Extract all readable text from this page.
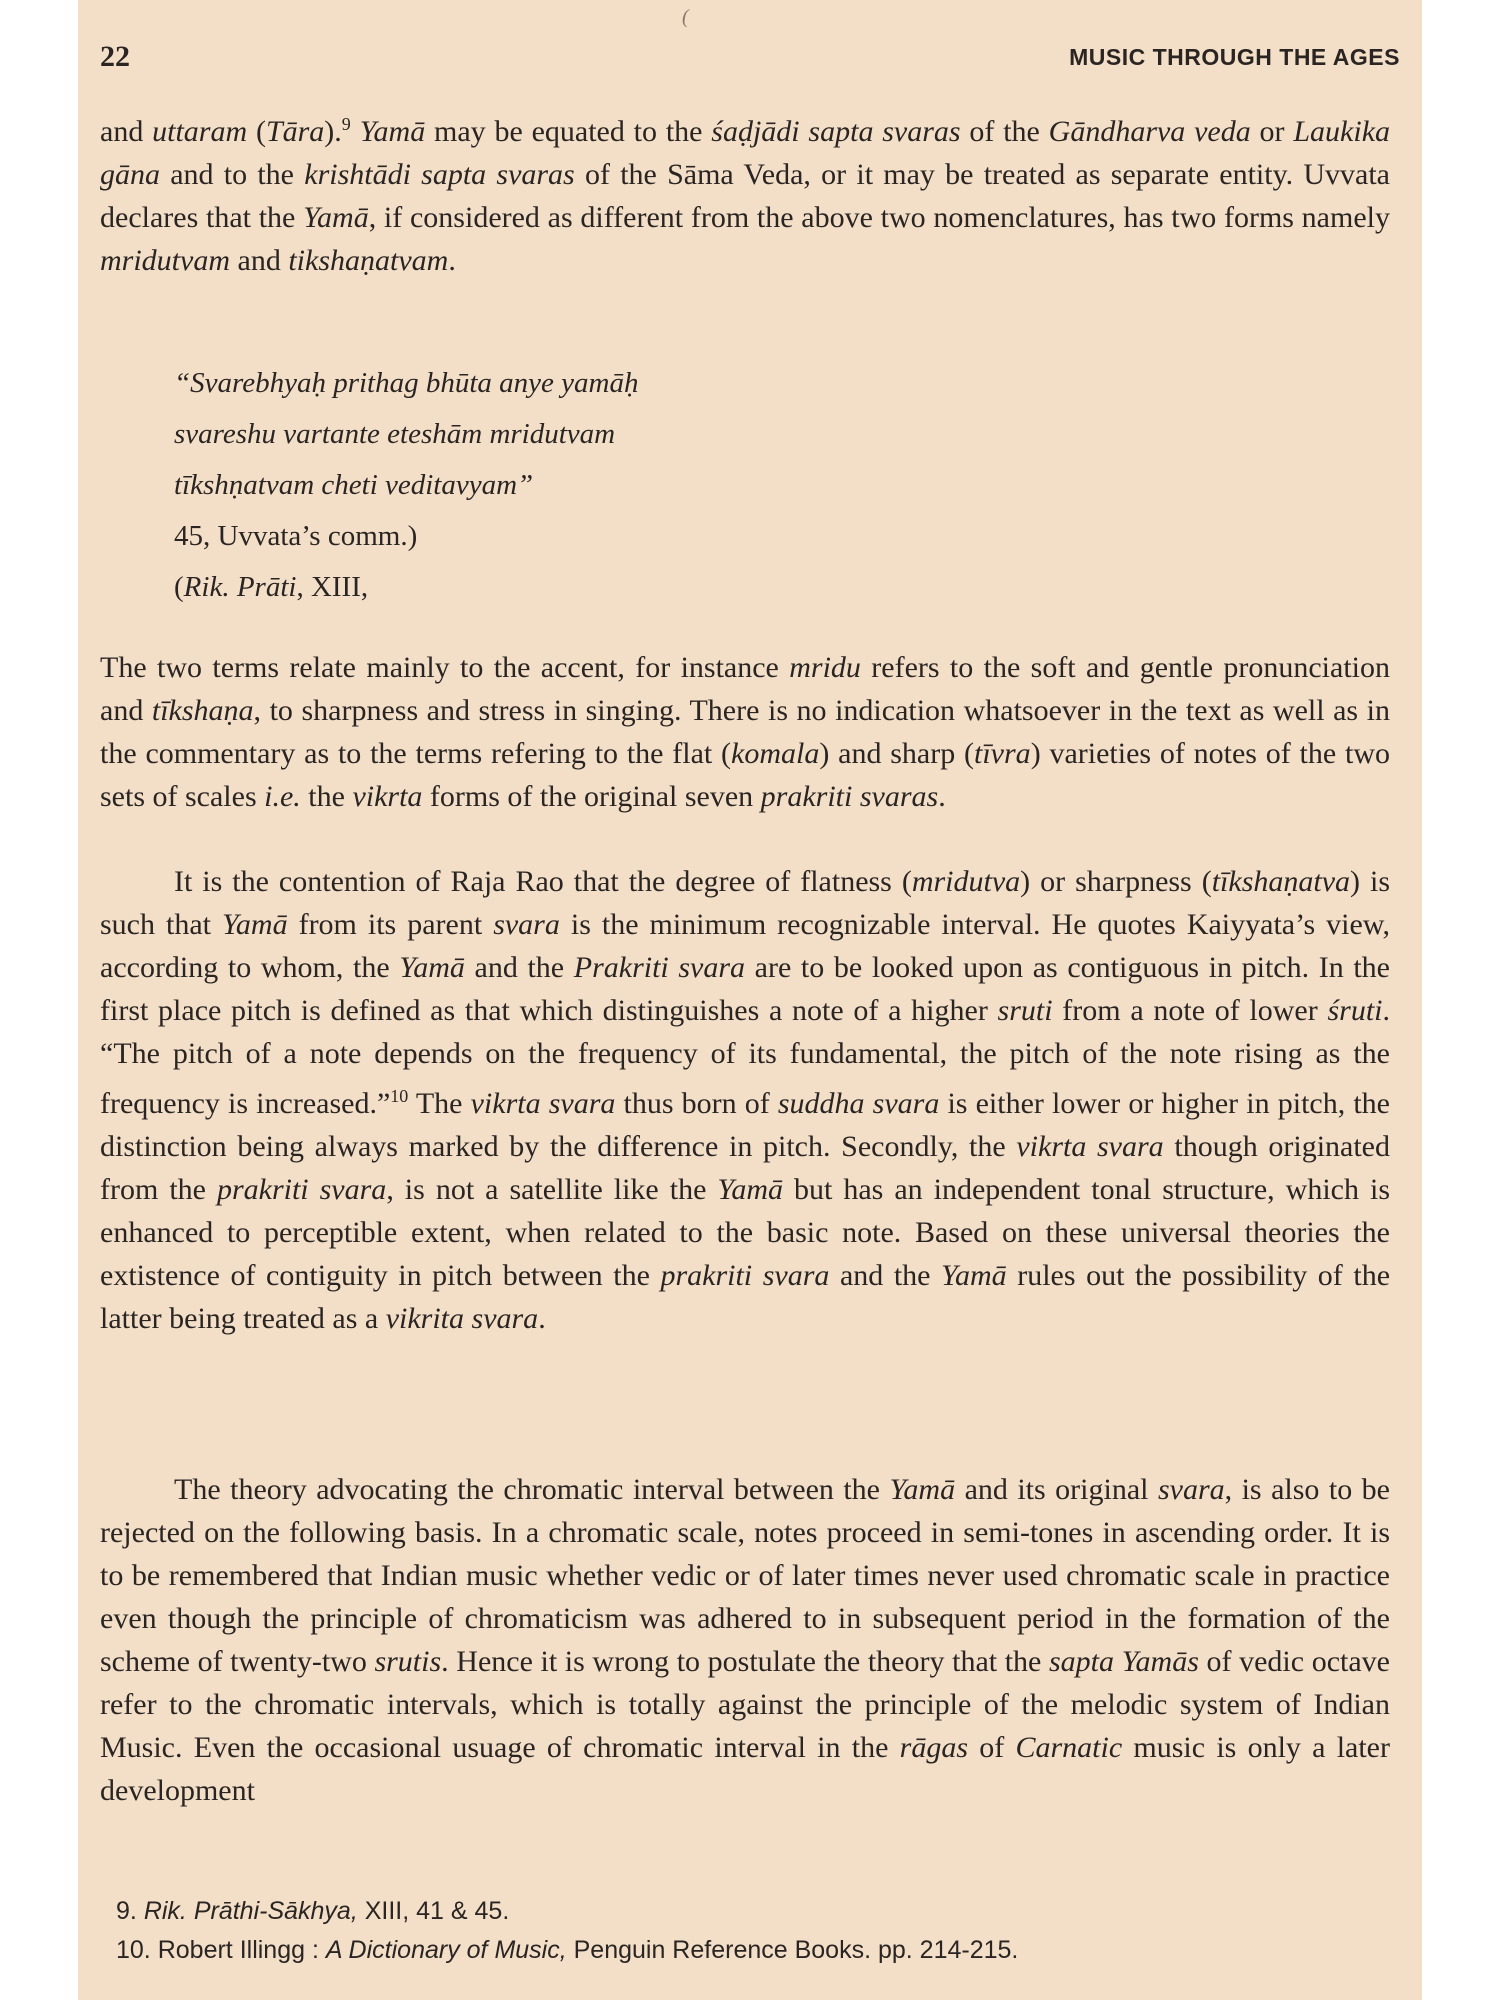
(
22	MUSIC THROUGH THE AGES

and uttaram (Tāra).$^9$ Yamā may be equated to the śaḍjādi sapta svaras of the Gāndharva veda or Laukika gāna and to the krishtādi sapta svaras of the Sāma Veda, or it may be treated as separate entity. Uvvata declares that the Yamā, if considered as different from the above two nomenclatures, has two forms namely mridutvam and tikshaṇatvam.

“Svarebhyaḥ prithag bhūta anye yamāḥ
svareshu vartante eteshām mridutvam
tīkshṇatvam cheti veditavyam”
45, Uvvata’s comm.)
(Rik. Prāti, XIII,

The two terms relate mainly to the accent, for instance mridu refers to the soft and gentle pronunciation and tīkshaṇa, to sharpness and stress in singing. There is no indication whatsoever in the text as well as in the commentary as to the terms refering to the flat (komala) and sharp (tīvra) varieties of notes of the two sets of scales i.e. the vikrta forms of the original seven prakriti svaras.

It is the contention of Raja Rao that the degree of flatness (mridutva) or sharpness (tīkshaṇatva) is such that Yamā from its parent svara is the minimum recognizable interval. He quotes Kaiyyata’s view, according to whom, the Yamā and the Prakriti svara are to be looked upon as contiguous in pitch. In the first place pitch is defined as that which distinguishes a note of a higher sruti from a note of lower śruti. “The pitch of a note depends on the frequency of its fundamental, the pitch of the note rising as the frequency is increased.”$^{10}$ The vikrta svara thus born of suddha svara is either lower or higher in pitch, the distinction being always marked by the difference in pitch. Secondly, the vikrta svara though originated from the prakriti svara, is not a satellite like the Yamā but has an independent tonal structure, which is enhanced to perceptible extent, when related to the basic note. Based on these universal theories the extistence of contiguity in pitch between the prakriti svara and the Yamā rules out the possibility of the latter being treated as a vikrita svara.

The theory advocating the chromatic interval between the Yamā and its original svara, is also to be rejected on the following basis. In a chromatic scale, notes proceed in semi-tones in ascending order. It is to be remembered that Indian music whether vedic or of later times never used chromatic scale in practice even though the principle of chromaticism was adhered to in subsequent period in the formation of the scheme of twenty-two srutis. Hence it is wrong to postulate the theory that the sapta Yamās of vedic octave refer to the chromatic intervals, which is totally against the principle of the melodic system of Indian Music. Even the occasional usuage of chromatic interval in the rāgas of Carnatic music is only a later development

9. Rik. Prāthi-Sākhya, XIII, 41 & 45.
10. Robert Illingg : A Dictionary of Music, Penguin Reference Books. pp. 214-215.
